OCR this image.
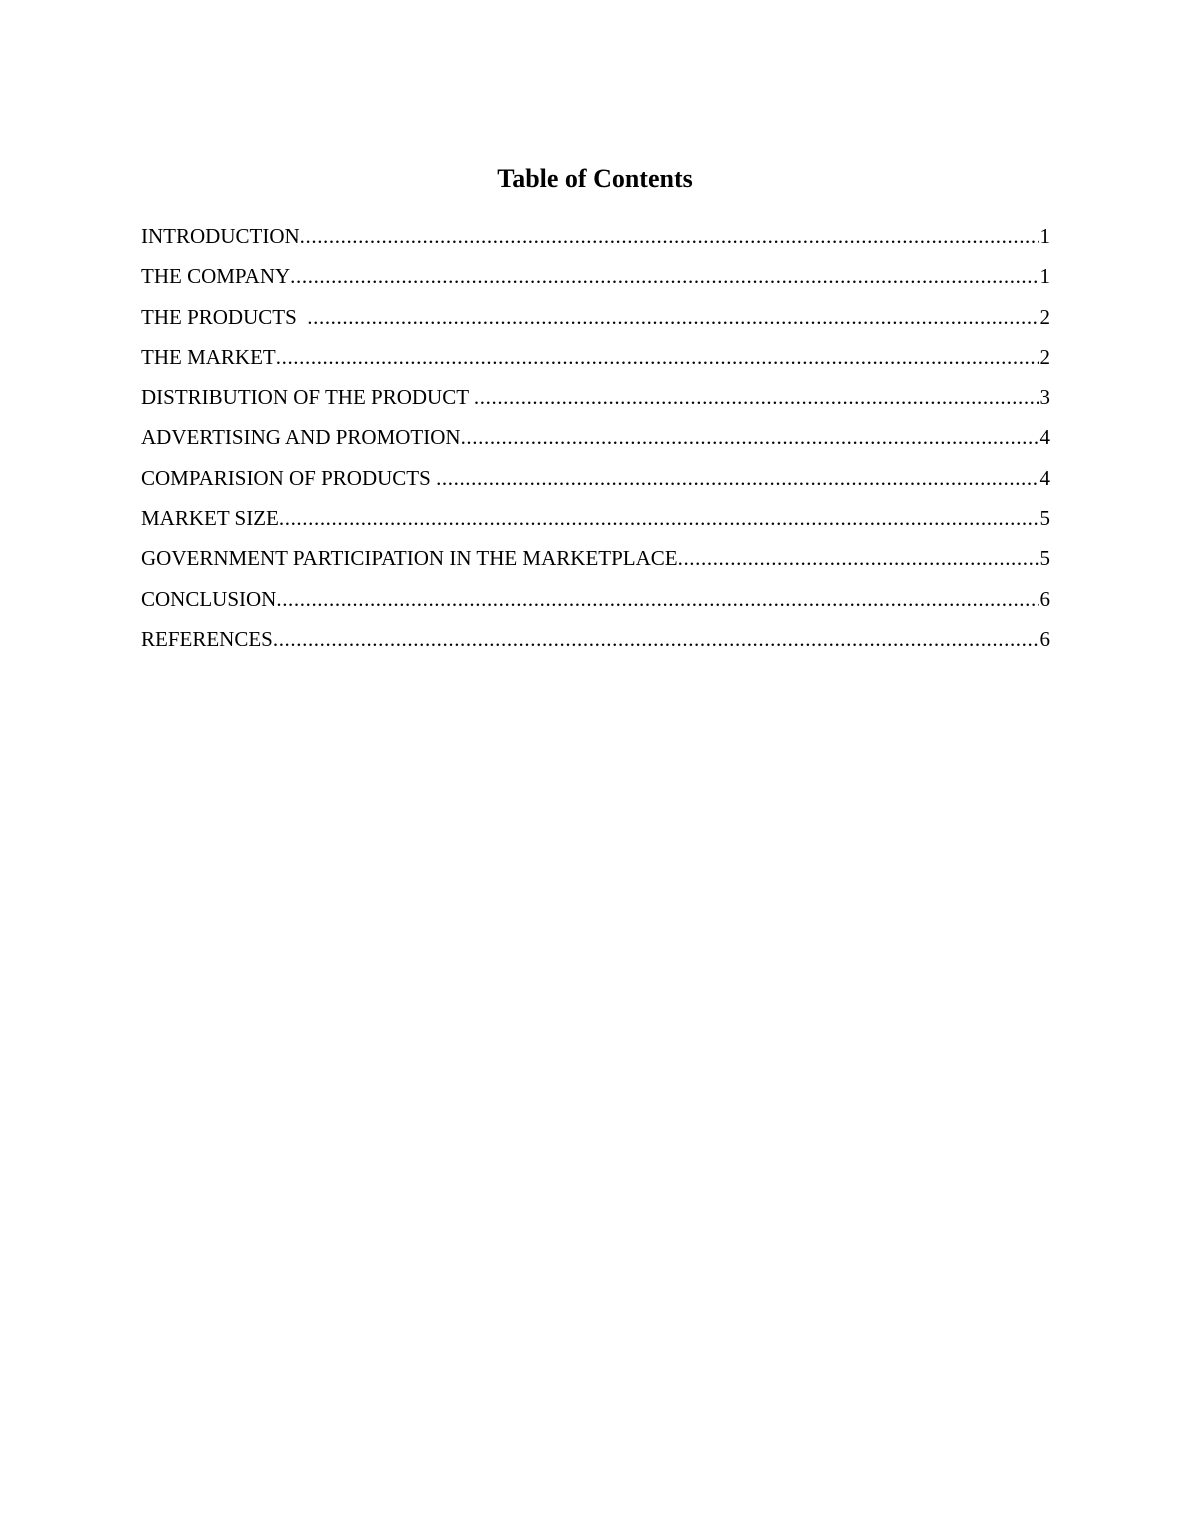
Table of Contents
INTRODUCTION .....	1
THE COMPANY .....	1
THE PRODUCTS .....	2
THE MARKET .....	2
DISTRIBUTION OF THE PRODUCT .....	3
ADVERTISING AND PROMOTION .....	4
COMPARISION OF PRODUCTS .....	4
MARKET SIZE .....	5
GOVERNMENT PARTICIPATION IN THE MARKETPLACE .....	5
CONCLUSION .....	6
REFERENCES .....	6
